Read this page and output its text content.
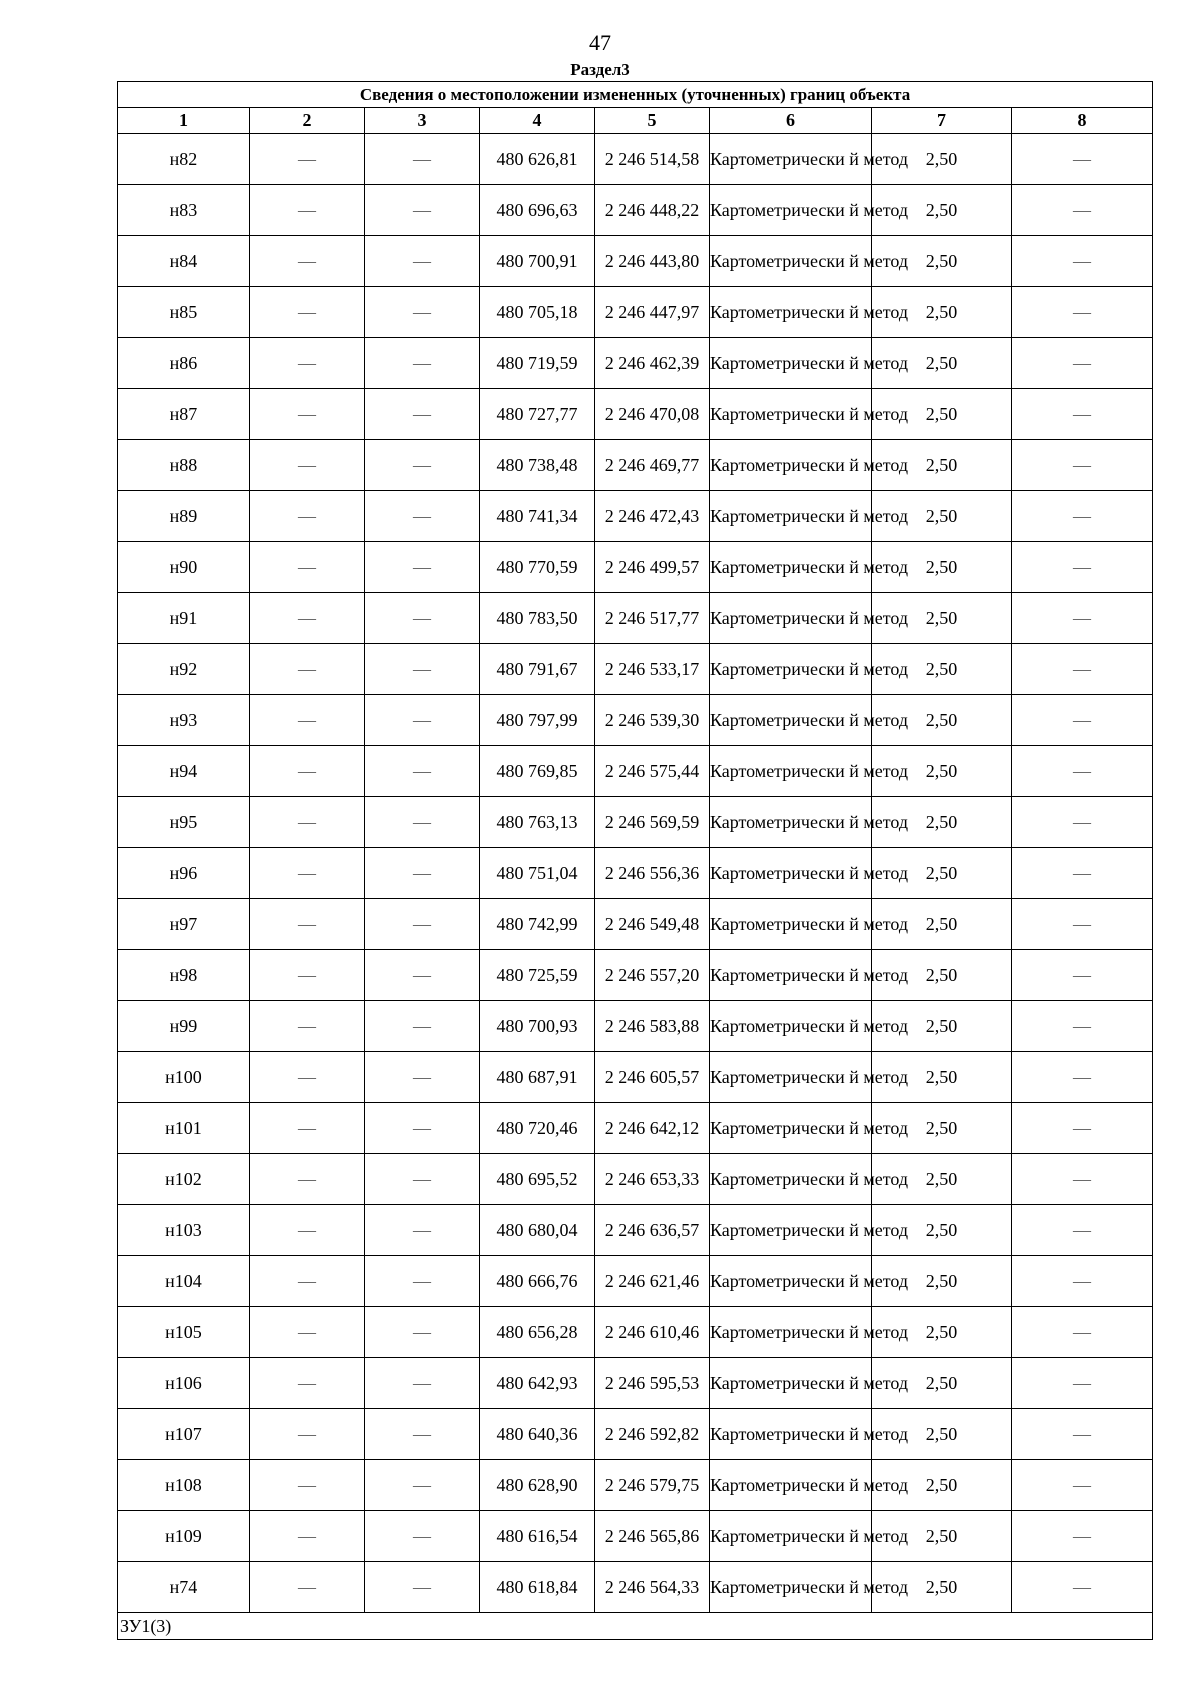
47
Раздел3
Сведения о местоположении измененных (уточненных) границ объекта							
1	2	3	4	5	6	7	8
н82	—	—	480 626,81	2 246 514,58	Картометрически й метод	2,50	—
н83	—	—	480 696,63	2 246 448,22	Картометрически й метод	2,50	—
н84	—	—	480 700,91	2 246 443,80	Картометрически й метод	2,50	—
н85	—	—	480 705,18	2 246 447,97	Картометрически й метод	2,50	—
н86	—	—	480 719,59	2 246 462,39	Картометрически й метод	2,50	—
н87	—	—	480 727,77	2 246 470,08	Картометрически й метод	2,50	—
н88	—	—	480 738,48	2 246 469,77	Картометрически й метод	2,50	—
н89	—	—	480 741,34	2 246 472,43	Картометрически й метод	2,50	—
н90	—	—	480 770,59	2 246 499,57	Картометрически й метод	2,50	—
н91	—	—	480 783,50	2 246 517,77	Картометрически й метод	2,50	—
н92	—	—	480 791,67	2 246 533,17	Картометрически й метод	2,50	—
н93	—	—	480 797,99	2 246 539,30	Картометрически й метод	2,50	—
н94	—	—	480 769,85	2 246 575,44	Картометрически й метод	2,50	—
н95	—	—	480 763,13	2 246 569,59	Картометрически й метод	2,50	—
н96	—	—	480 751,04	2 246 556,36	Картометрически й метод	2,50	—
н97	—	—	480 742,99	2 246 549,48	Картометрически й метод	2,50	—
н98	—	—	480 725,59	2 246 557,20	Картометрически й метод	2,50	—
н99	—	—	480 700,93	2 246 583,88	Картометрически й метод	2,50	—
н100	—	—	480 687,91	2 246 605,57	Картометрически й метод	2,50	—
н101	—	—	480 720,46	2 246 642,12	Картометрически й метод	2,50	—
н102	—	—	480 695,52	2 246 653,33	Картометрически й метод	2,50	—
н103	—	—	480 680,04	2 246 636,57	Картометрически й метод	2,50	—
н104	—	—	480 666,76	2 246 621,46	Картометрически й метод	2,50	—
н105	—	—	480 656,28	2 246 610,46	Картометрически й метод	2,50	—
н106	—	—	480 642,93	2 246 595,53	Картометрически й метод	2,50	—
н107	—	—	480 640,36	2 246 592,82	Картометрически й метод	2,50	—
н108	—	—	480 628,90	2 246 579,75	Картометрически й метод	2,50	—
н109	—	—	480 616,54	2 246 565,86	Картометрически й метод	2,50	—
н74	—	—	480 618,84	2 246 564,33	Картометрически й метод	2,50	—
ЗУ1(3)							
